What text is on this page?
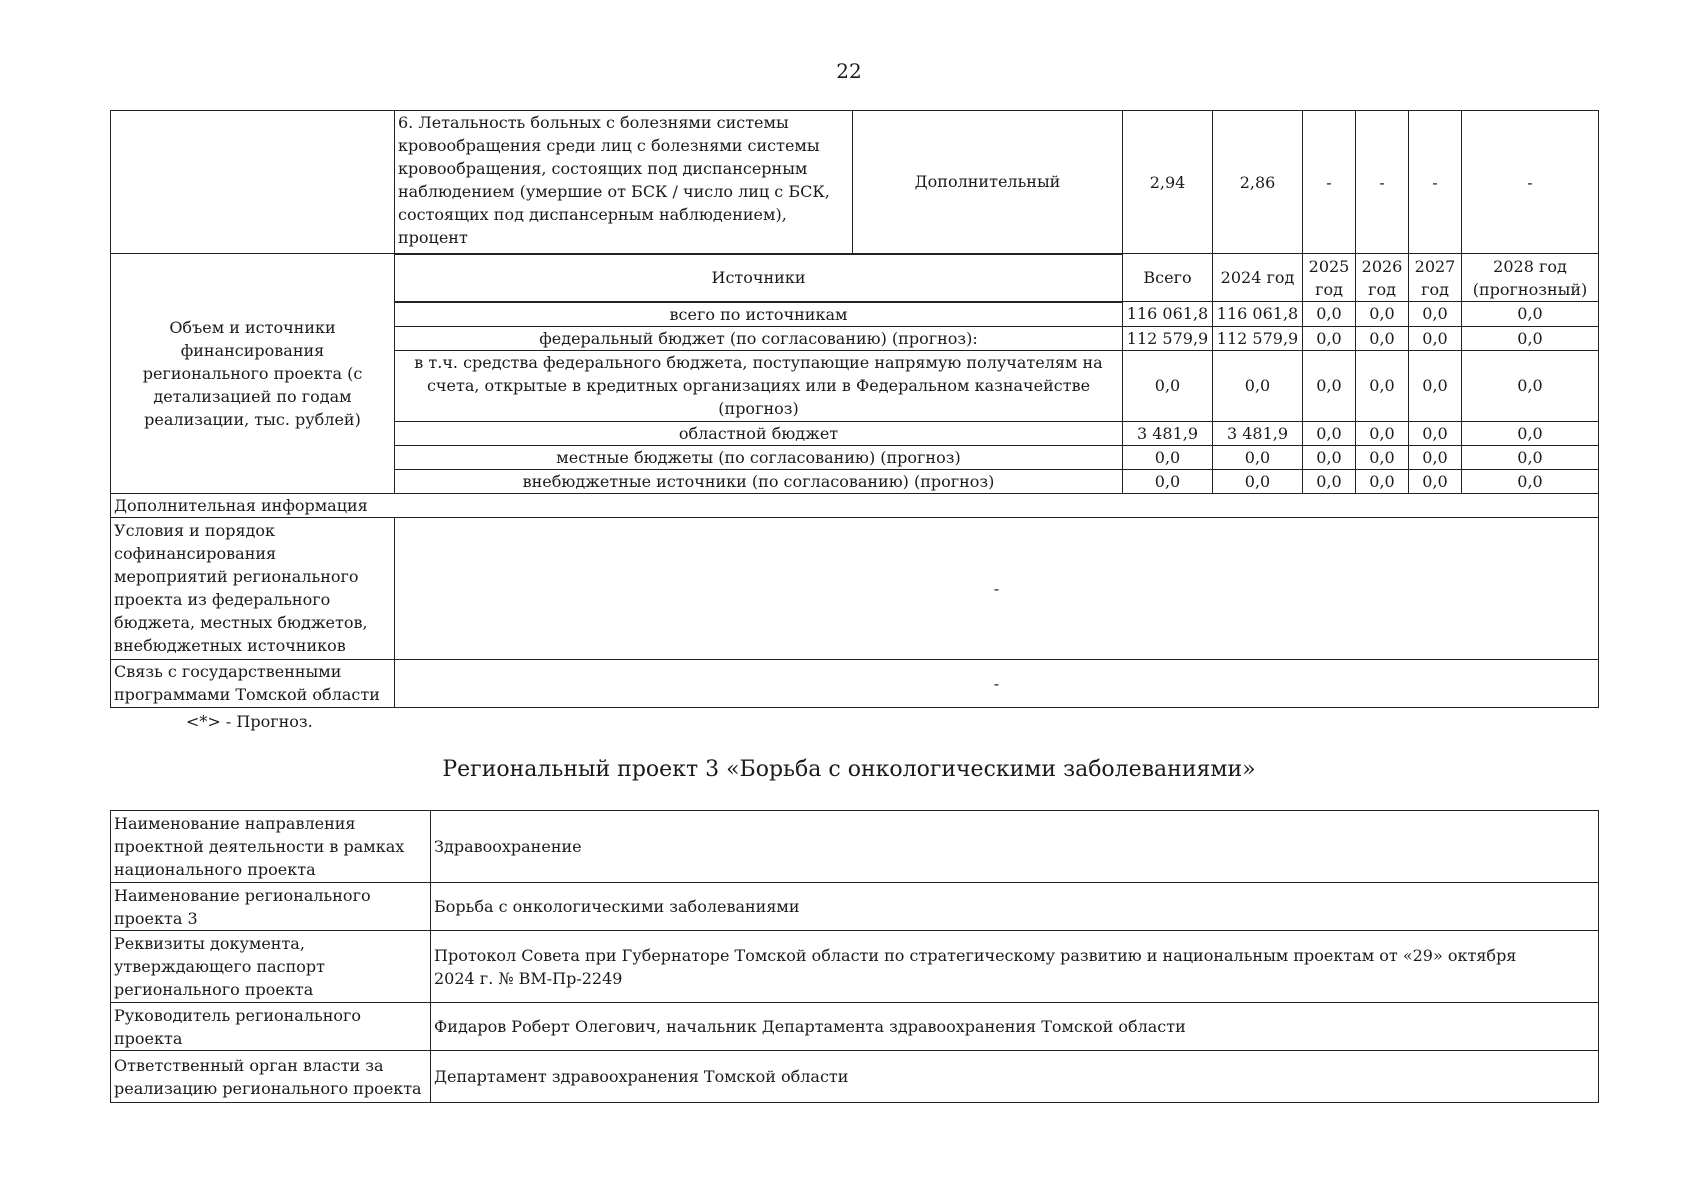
22
	6. Летальность больных с болезнями системы кровообращения среди лиц с болезнями системы кровообращения, состоящих под диспансерным наблюдением (умершие от БСК / число лиц с БСК, состоящих под диспансерным наблюдением), процент	Дополнительный	2,94	2,86	-	-	-	-
Объем и источники финансирования регионального проекта (с детализацией по годам реализации, тыс. рублей)	Источники		Всего	2024 год	2025 год	2026 год	2027 год	2028 год (прогнозный)
	всего по источникам		116 061,8	116 061,8	0,0	0,0	0,0	0,0
	федеральный бюджет (по согласованию) (прогноз):		112 579,9	112 579,9	0,0	0,0	0,0	0,0
	в т.ч. средства федерального бюджета, поступающие напрямую получателям на счета, открытые в кредитных организациях или в Федеральном казначействе (прогноз)		0,0	0,0	0,0	0,0	0,0	0,0
	областной бюджет		3 481,9	3 481,9	0,0	0,0	0,0	0,0
	местные бюджеты (по согласованию) (прогноз)		0,0	0,0	0,0	0,0	0,0	0,0
	внебюджетные источники (по согласованию) (прогноз)		0,0	0,0	0,0	0,0	0,0	0,0
Дополнительная информация								
Условия и порядок софинансирования мероприятий регионального проекта из федерального бюджета, местных бюджетов, внебюджетных источников	-							
Связь с государственными программами Томской области	-							
<*> - Прогноз.
Региональный проект 3 «Борьба с онкологическими заболеваниями»
Наименование направления проектной деятельности в рамках национального проекта	Здравоохранение
Наименование регионального проекта 3	Борьба с онкологическими заболеваниями
Реквизиты документа, утверждающего паспорт регионального проекта	Протокол Совета при Губернаторе Томской области по стратегическому развитию и национальным проектам от «29» октября 2024 г. № ВМ-Пр-2249
Руководитель регионального проекта	Фидаров Роберт Олегович, начальник Департамента здравоохранения Томской области
Ответственный орган власти за реализацию регионального проекта	Департамент здравоохранения Томской области
